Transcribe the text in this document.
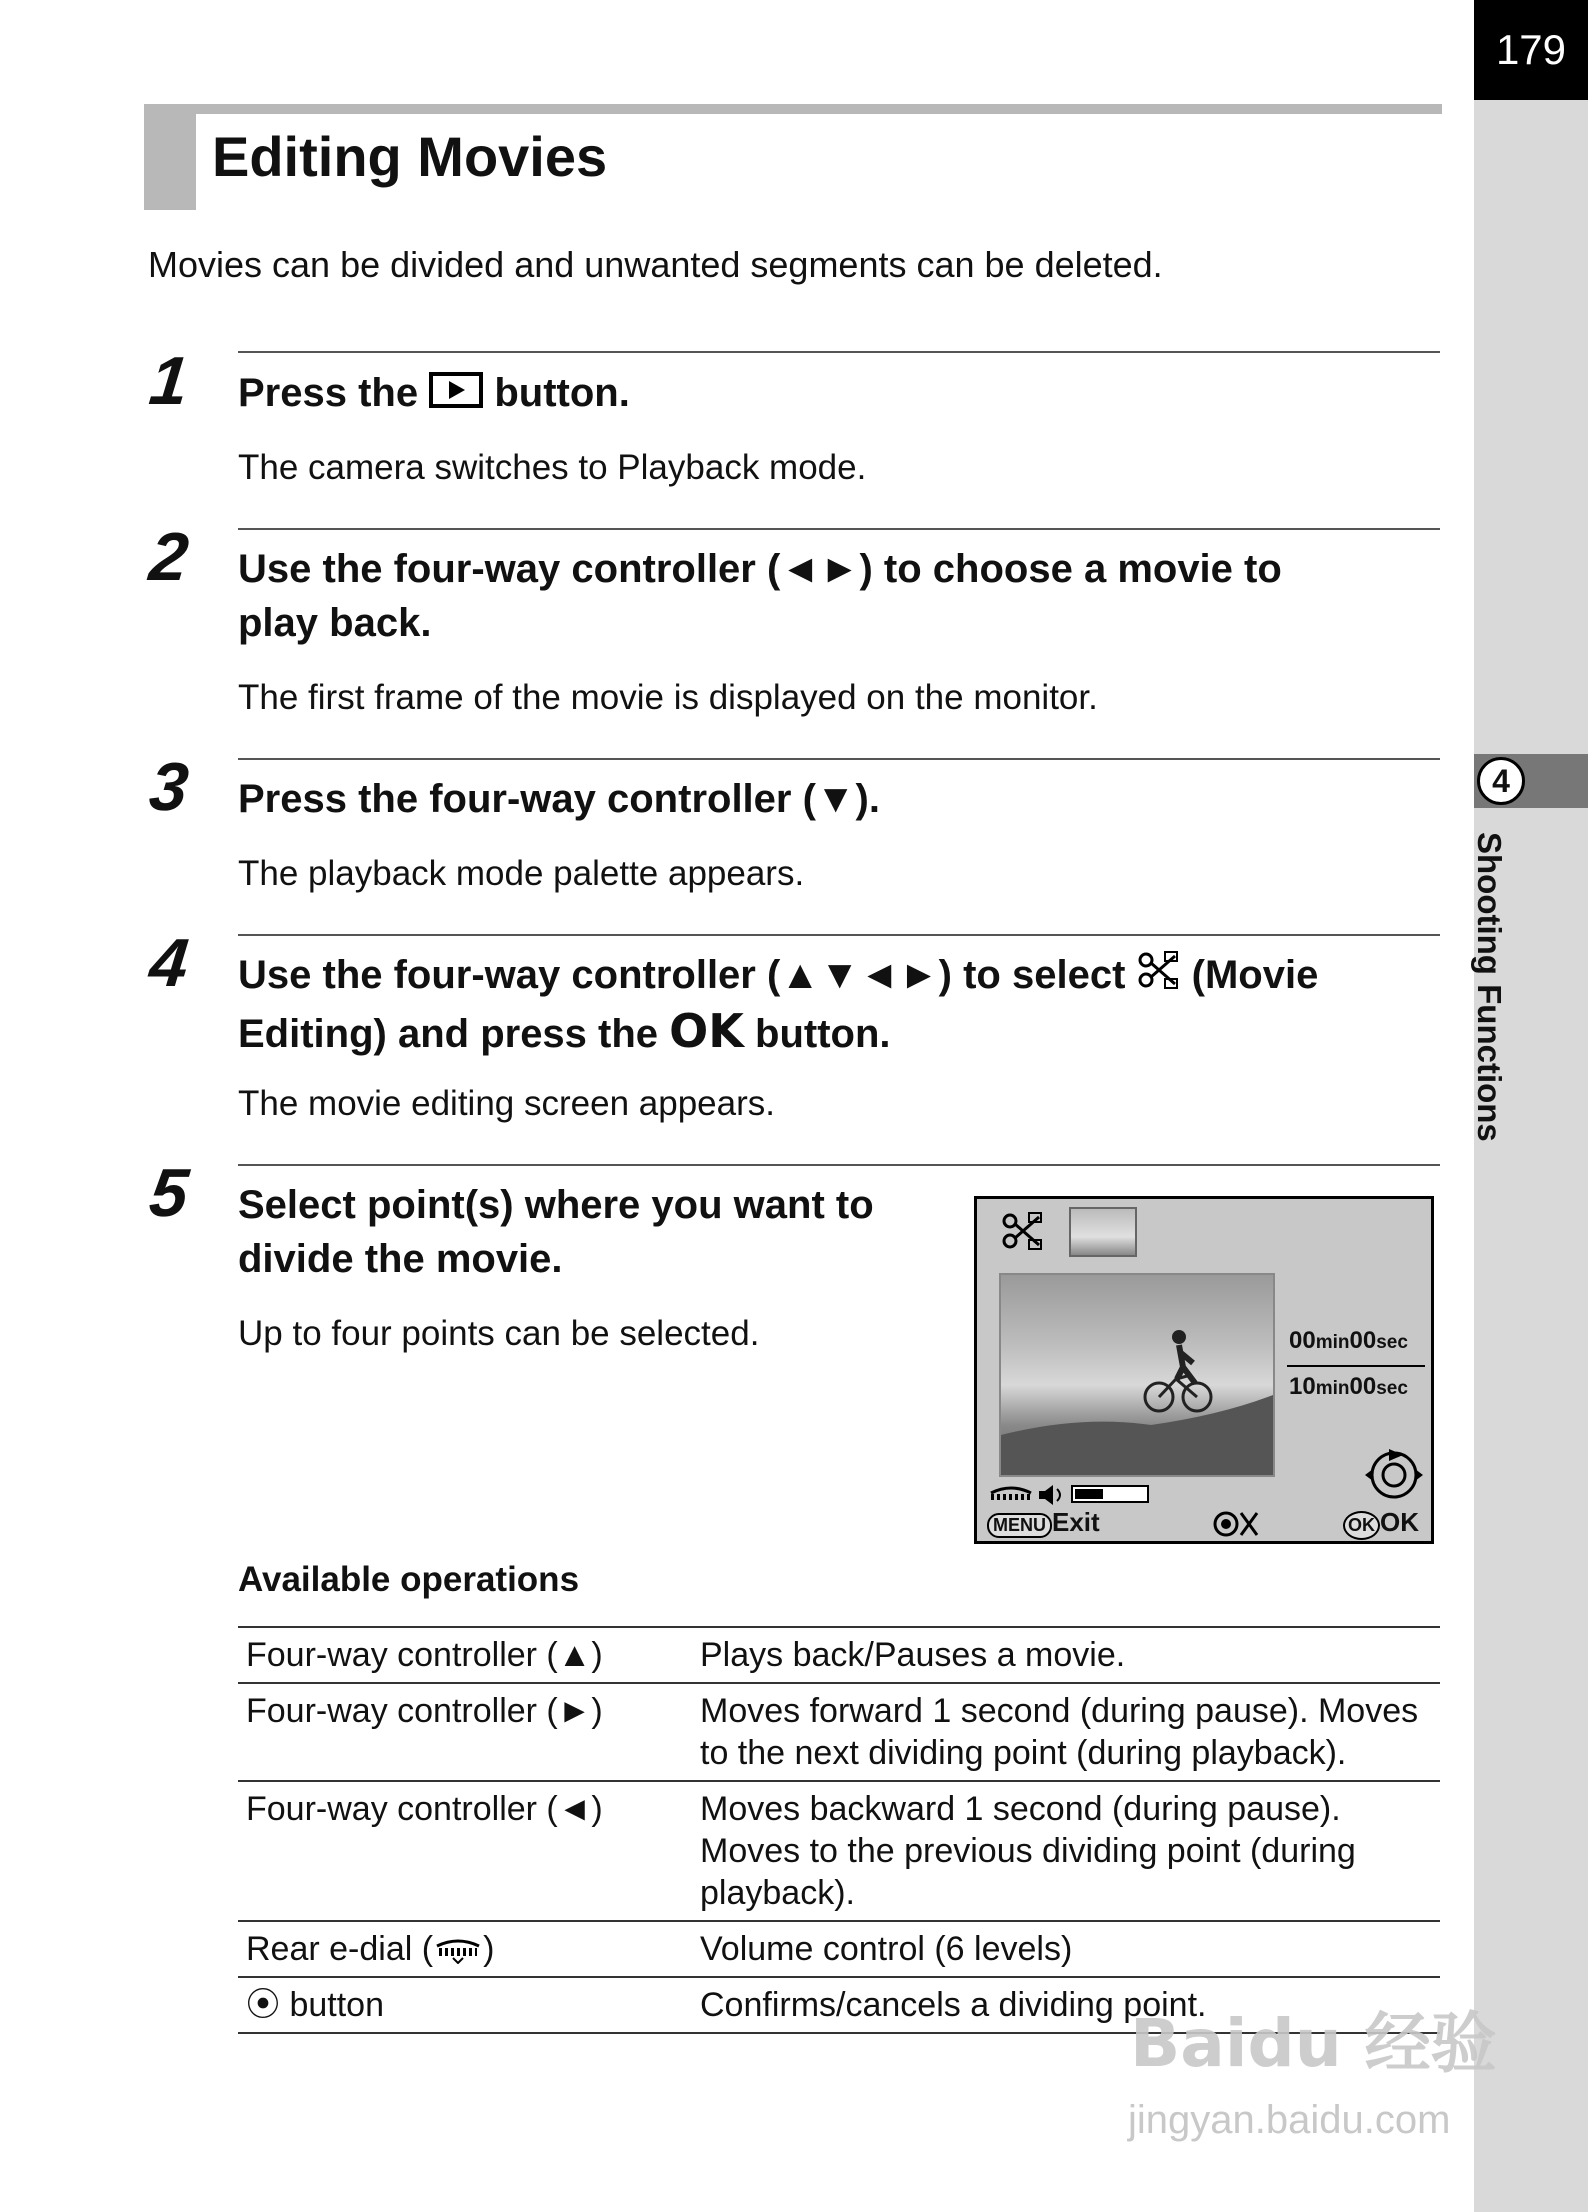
179
4
Shooting Functions
Editing Movies
Movies can be divided and unwanted segments can be deleted.
1 Press the button.
The camera switches to Playback mode.
2 Use the four-way controller (◄►) to choose a movie to
play back.
The first frame of the movie is displayed on the monitor.
3 Press the four-way controller (▼).
The playback mode palette appears.
4 Use the four-way controller (▲▼◄►) to select (Movie
Editing) and press the OK button.
The movie editing screen appears.
5 Select point(s) where you want to
divide the movie.
Up to four points can be selected.	00min00sec
10min00sec
MENU Exit	OK OK
Available operations
Four-way controller (▲)	Plays back/Pauses a movie.
Four-way controller (►)	Moves forward 1 second (during pause). Moves to the next dividing point (during playback).
Four-way controller (◄)	Moves backward 1 second (during pause). Moves to the previous dividing point (during playback).
Rear e-dial ( )	Volume control (6 levels)
⦿ button	Confirms/cancels a dividing point.
Baidu 经验
jingyan.baidu.com
